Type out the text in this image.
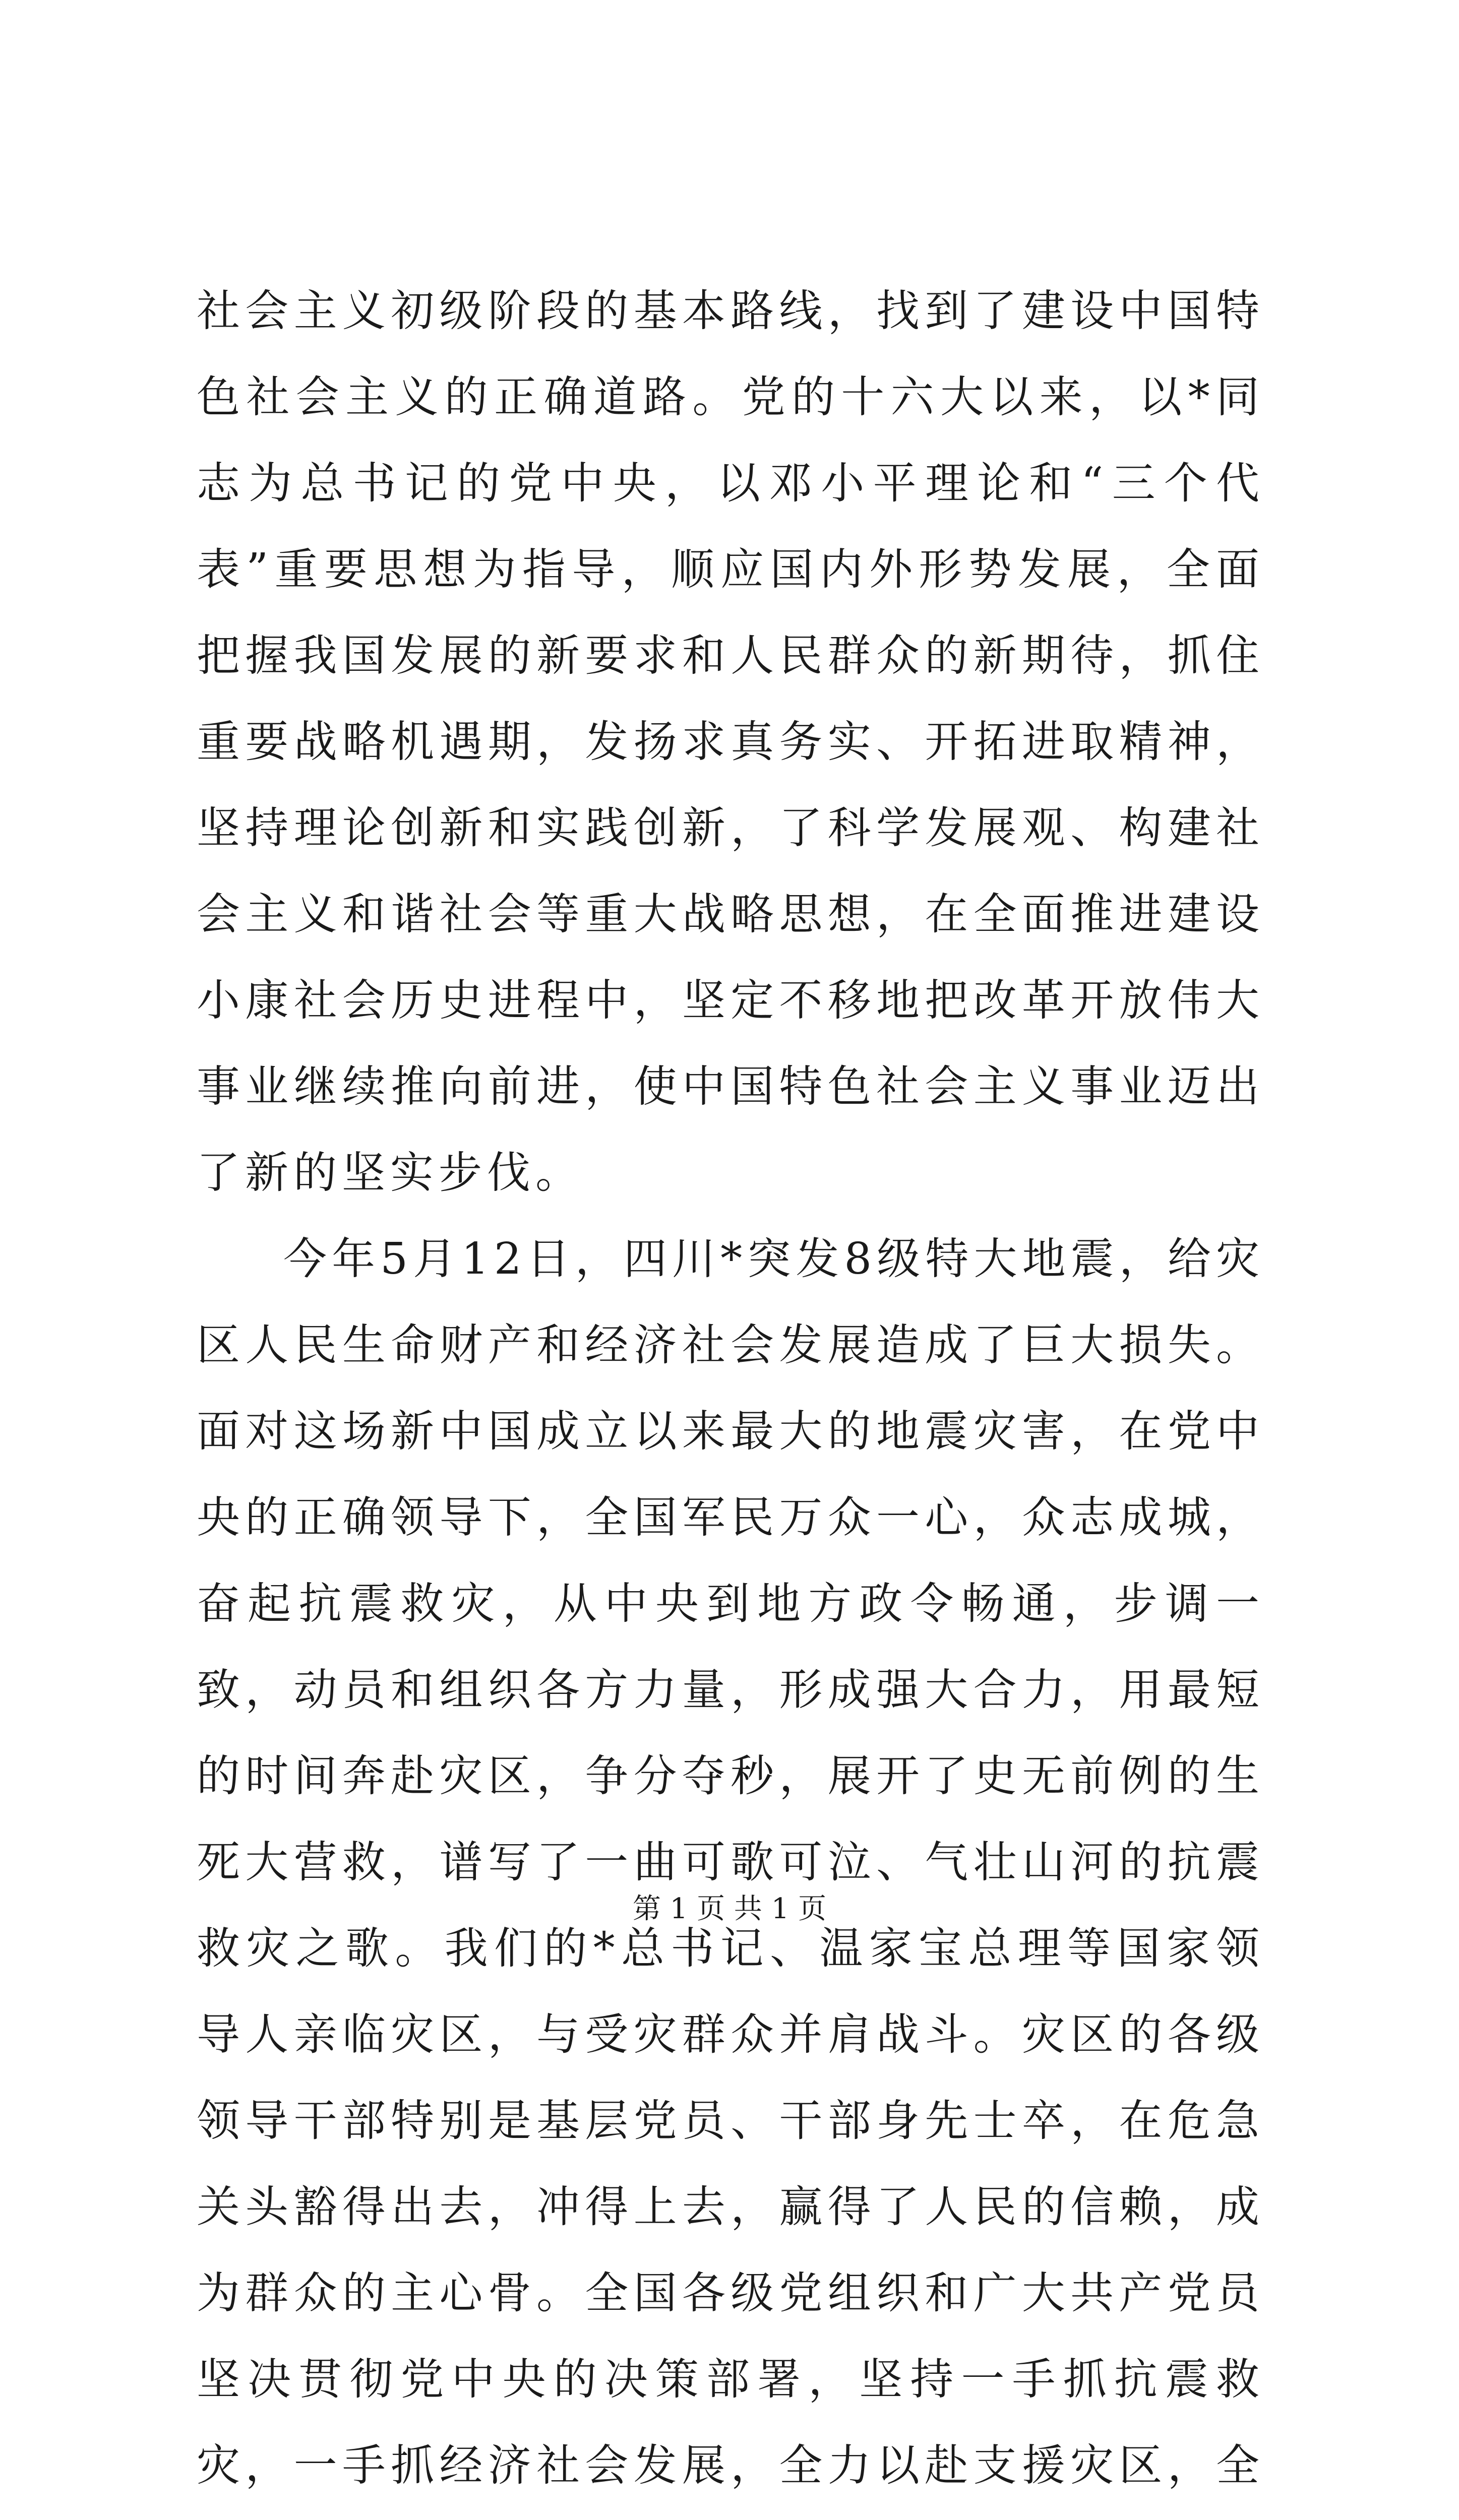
社会主义初级阶段的基本路线，找到了建设中国特色社会主义的正确道路。党的十六大以来，以*同志为总书记的党中央，以邓小平理论和“三个代表”重要思想为指导，顺应国内外形势发展，全面把握我国发展的新要求和人民群众的新期待，抓住重要战略机遇期，发扬求真务实、开拓进取精神，坚持理论创新和实践创新，了科学发展观、构建社会主义和谐社会等重大战略思想，在全面推进建设小康社会历史进程中，坚定不移地把改革开放伟大事业继续推向前进，使中国特色社会主义事业迈出了新的坚实步伐。

今年5月12日，四川*突发8级特大地震，给灾区人民生命财产和经济社会发展造成了巨大损失。面对这场新中国成立以来最大的地震灾害，在党中央的正确领导下，全国军民万众一心，众志成城，奋起抗震救灾，从中央到地方政令畅通，步调一致，动员和组织各方力量，形成强大合力，用最短的时间奔赴灾区，争分夺秒，展开了史无前例的生死大营救，谱写了一曲可歌可泣、气壮山河的抗震救灾之歌。我们的*总书记、温家宝总理等国家领导人亲临灾区，与受灾群众并肩战斗。灾区的各级领导干部特别是基层党员、干部身先士卒，在危急关头豁得出去，冲得上去，赢得了人民的信赖，成为群众的主心骨。全国各级党组织和广大共产党员坚决贯彻党中央的决策部署，坚持一手抓抗震救灾，一手抓经济社会发展，全力以赴支援灾区，全

第 1 页 共 1 页
